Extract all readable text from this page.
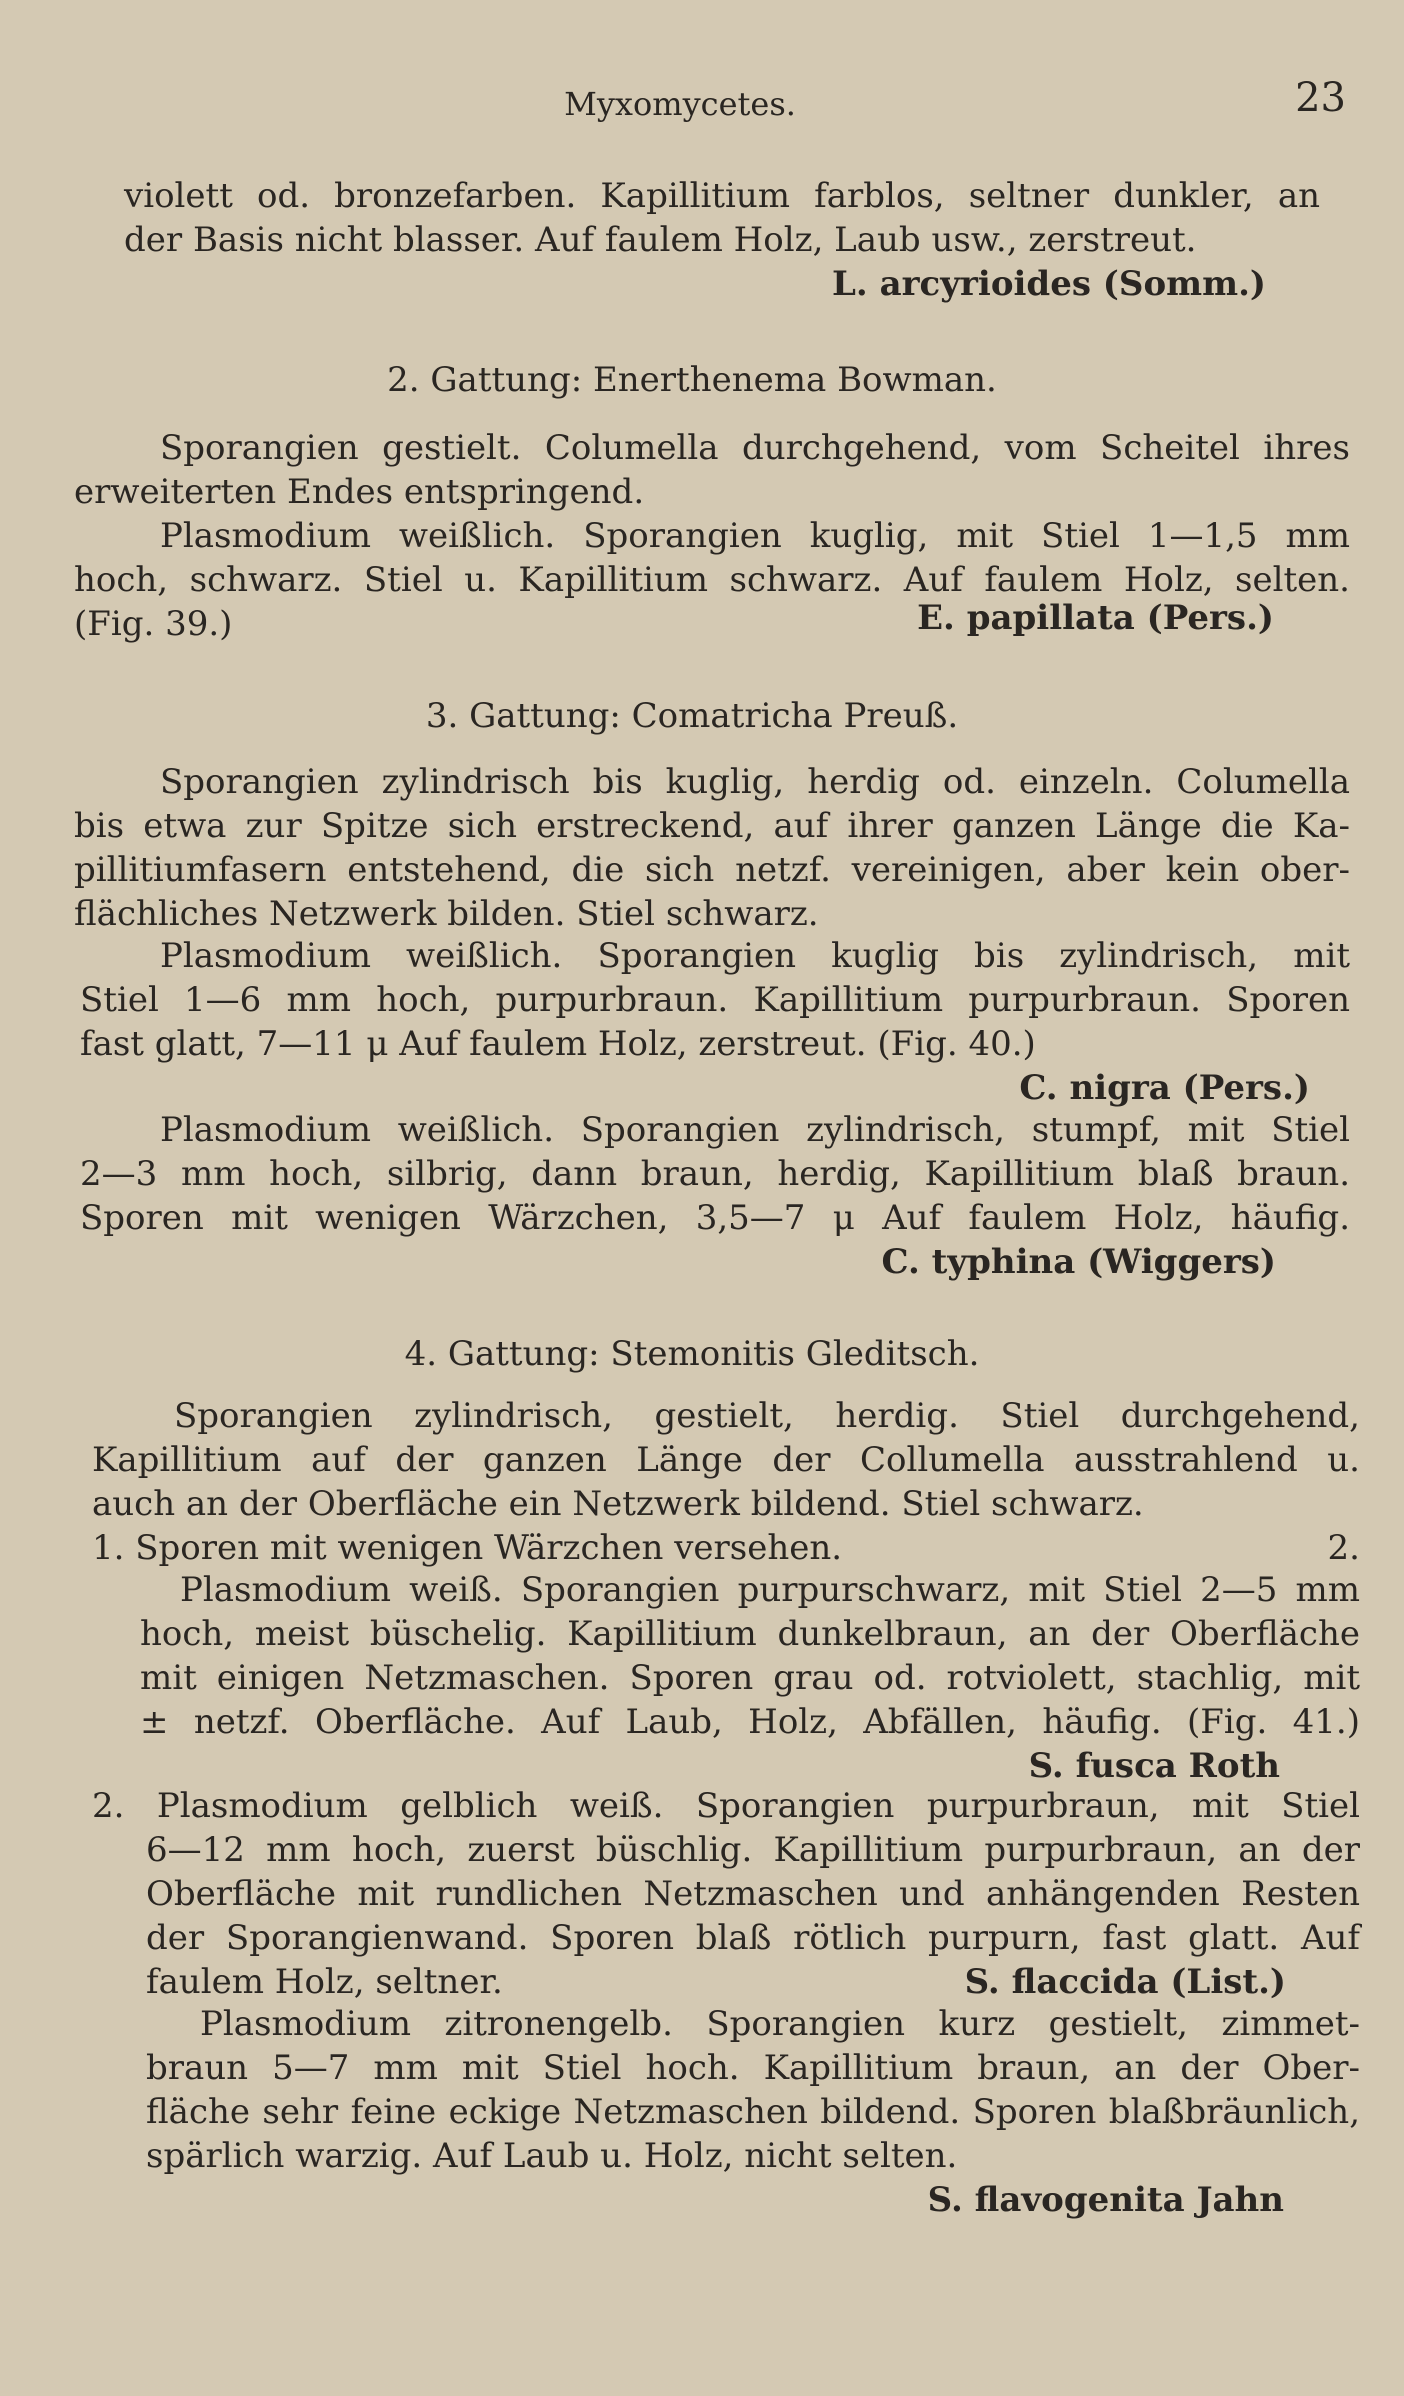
Myxomycetes.	23
violett od. bronzefarben. Kapillitium farblos, seltner dunkler, an
der Basis nicht blasser. Auf faulem Holz, Laub usw., zerstreut.
L. arcyrioides (Somm.)
2. Gattung: Enerthenema Bowman.
Sporangien gestielt. Columella durchgehend, vom Scheitel ihres
erweiterten Endes entspringend.
Plasmodium weißlich. Sporangien kuglig, mit Stiel 1—1,5 mm
hoch, schwarz. Stiel u. Kapillitium schwarz. Auf faulem Holz, selten.
(Fig. 39.)	E. papillata (Pers.)
3. Gattung: Comatricha Preuß.
Sporangien zylindrisch bis kuglig, herdig od. einzeln. Columella
bis etwa zur Spitze sich erstreckend, auf ihrer ganzen Länge die Ka-
pillitiumfasern entstehend, die sich netzf. vereinigen, aber kein ober-
flächliches Netzwerk bilden. Stiel schwarz.
Plasmodium weißlich. Sporangien kuglig bis zylindrisch, mit
Stiel 1—6 mm hoch, purpurbraun. Kapillitium purpurbraun. Sporen
fast glatt, 7—11 μ Auf faulem Holz, zerstreut. (Fig. 40.)
C. nigra (Pers.)
Plasmodium weißlich. Sporangien zylindrisch, stumpf, mit Stiel
2—3 mm hoch, silbrig, dann braun, herdig, Kapillitium blaß braun.
Sporen mit wenigen Wärzchen, 3,5—7 μ Auf faulem Holz, häufig.
C. typhina (Wiggers)
4. Gattung: Stemonitis Gleditsch.
Sporangien zylindrisch, gestielt, herdig. Stiel durchgehend,
Kapillitium auf der ganzen Länge der Collumella ausstrahlend u.
auch an der Oberfläche ein Netzwerk bildend. Stiel schwarz.
1. Sporen mit wenigen Wärzchen versehen.	2.
Plasmodium weiß. Sporangien purpurschwarz, mit Stiel 2—5 mm
hoch, meist büschelig. Kapillitium dunkelbraun, an der Oberfläche
mit einigen Netzmaschen. Sporen grau od. rotviolett, stachlig, mit
± netzf. Oberfläche. Auf Laub, Holz, Abfällen, häufig. (Fig. 41.)
S. fusca Roth
2. Plasmodium gelblich weiß. Sporangien purpurbraun, mit Stiel
6—12 mm hoch, zuerst büschlig. Kapillitium purpurbraun, an der
Oberfläche mit rundlichen Netzmaschen und anhängenden Resten
der Sporangienwand. Sporen blaß rötlich purpurn, fast glatt. Auf
faulem Holz, seltner.	S. flaccida (List.)
Plasmodium zitronengelb. Sporangien kurz gestielt, zimmet-
braun 5—7 mm mit Stiel hoch. Kapillitium braun, an der Ober-
fläche sehr feine eckige Netzmaschen bildend. Sporen blaßbräunlich,
spärlich warzig. Auf Laub u. Holz, nicht selten.
S. flavogenita Jahn
